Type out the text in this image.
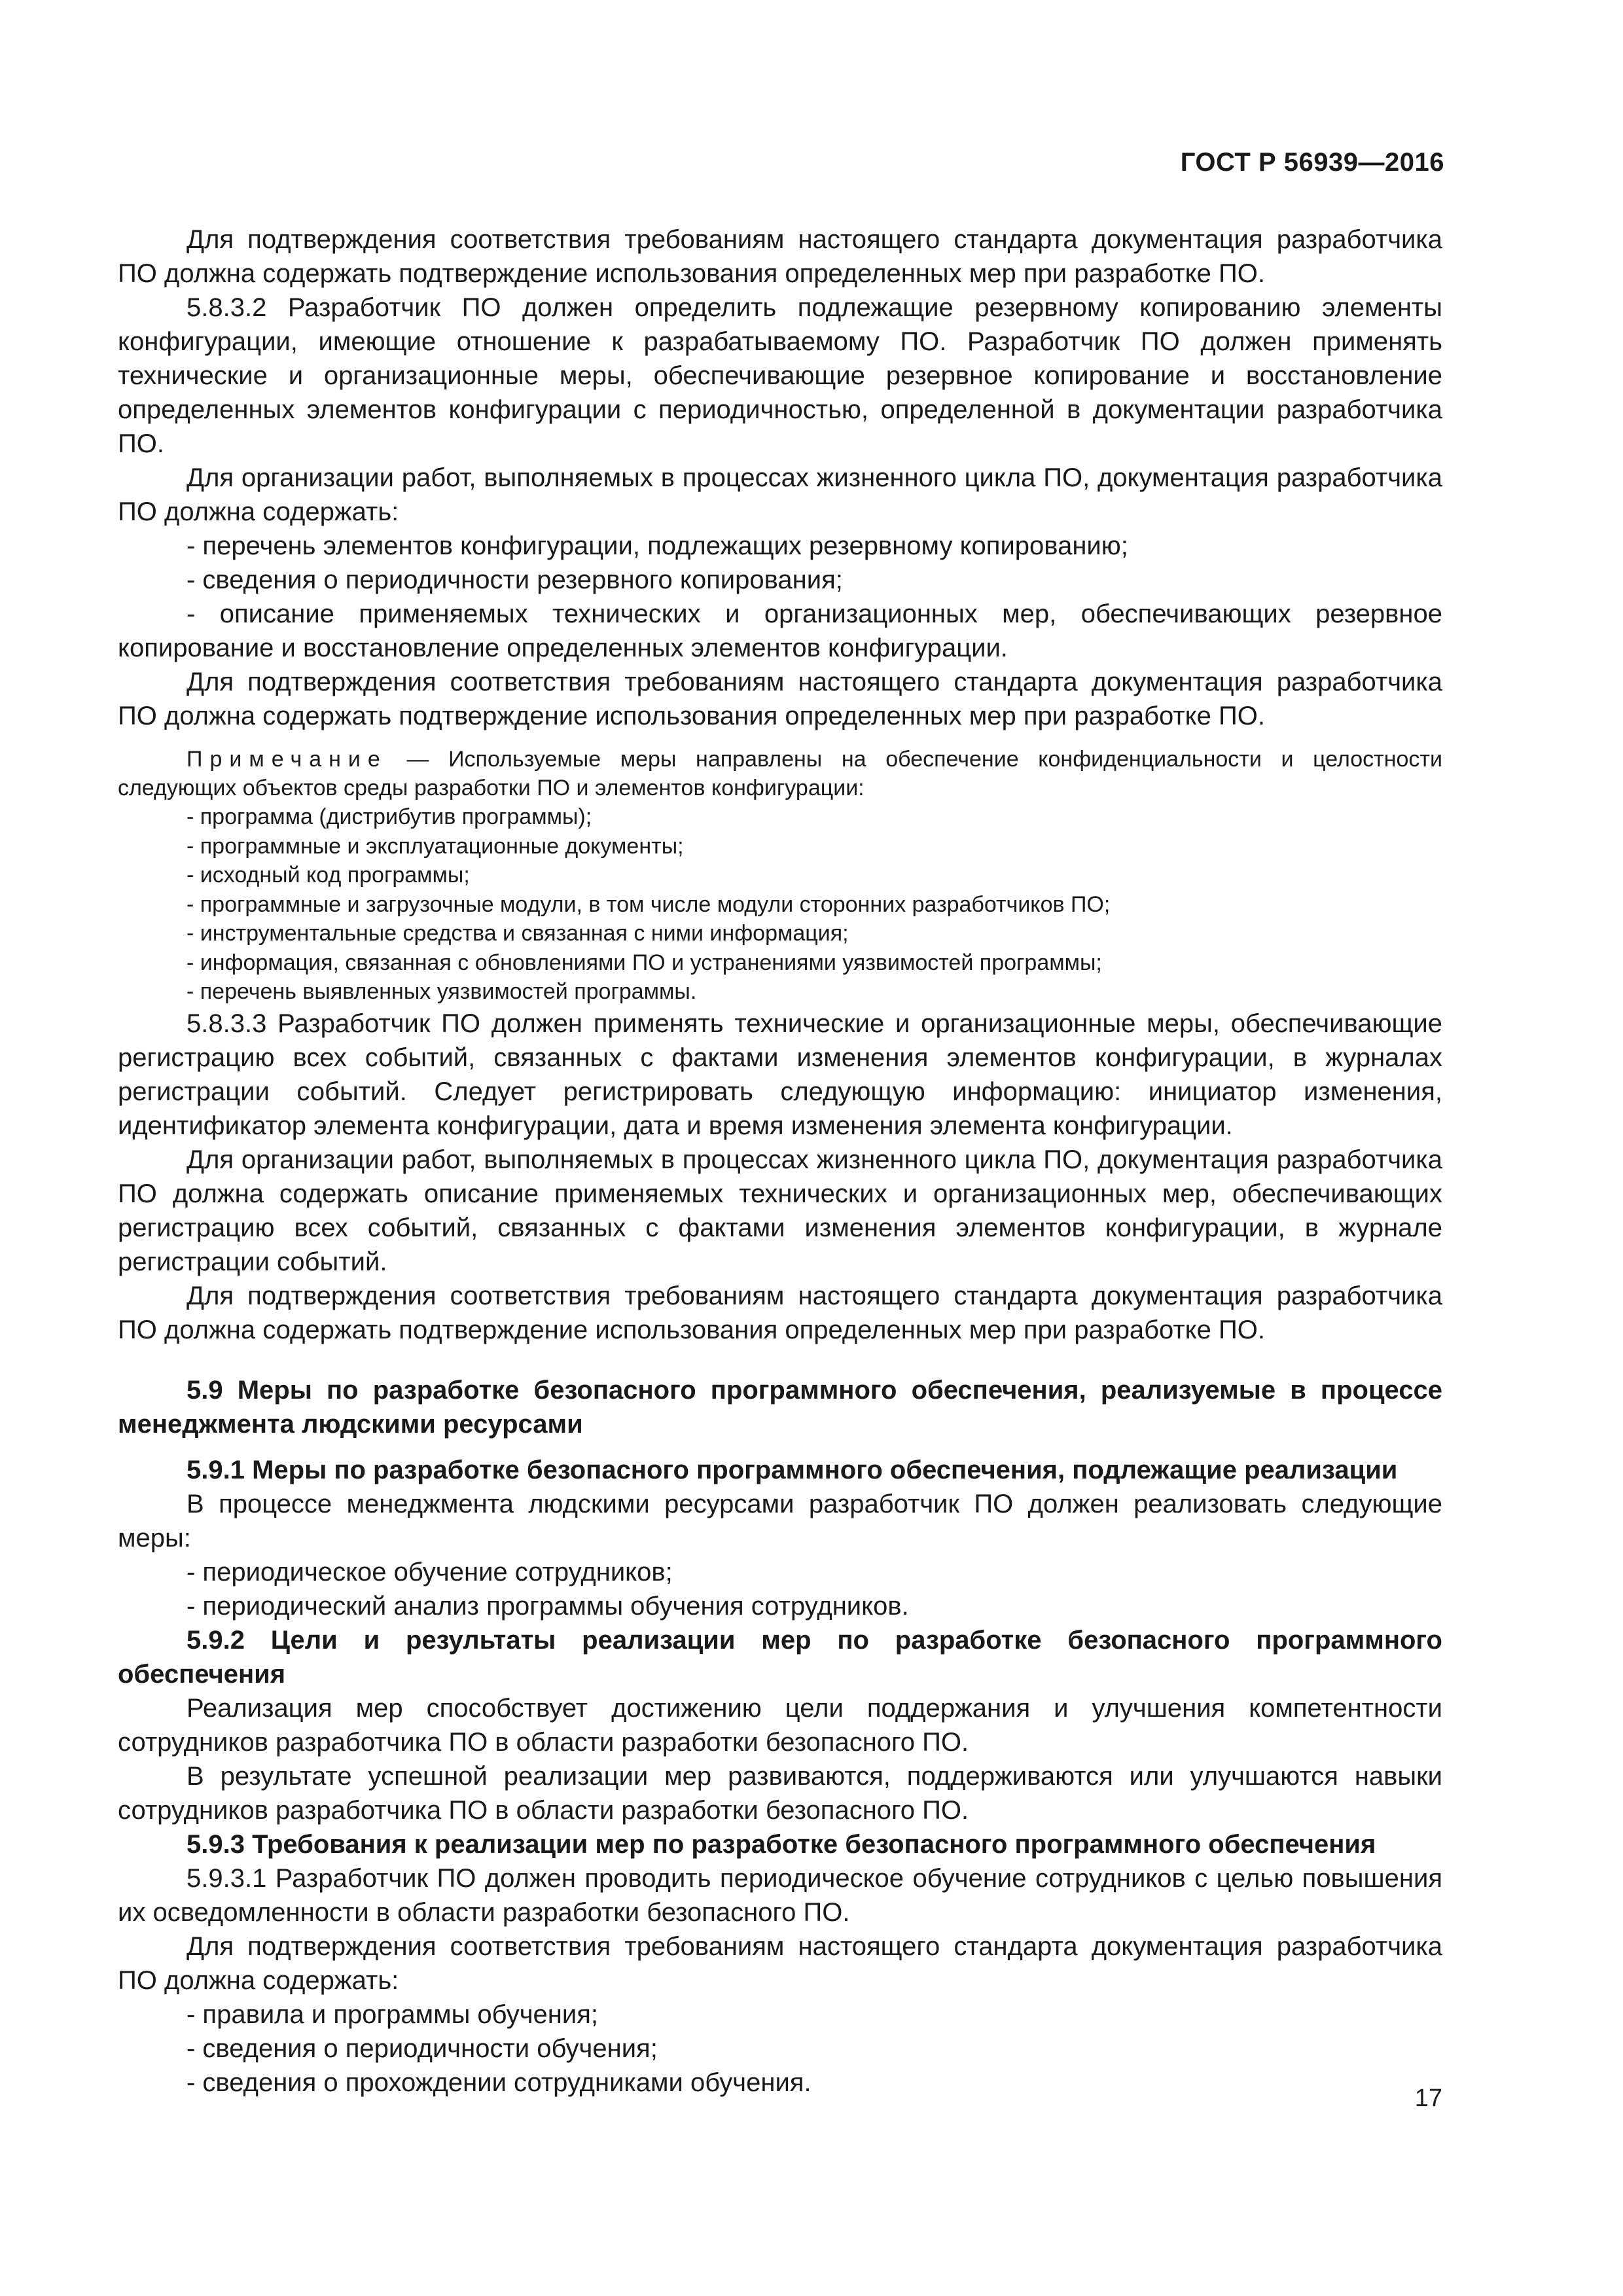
ГОСТ Р 56939—2016

Для подтверждения соответствия требованиям настоящего стандарта документация разработчика ПО должна содержать подтверждение использования определенных мер при разработке ПО.

5.8.3.2 Разработчик ПО должен определить подлежащие резервному копированию элементы конфигурации, имеющие отношение к разрабатываемому ПО. Разработчик ПО должен применять технические и организационные меры, обеспечивающие резервное копирование и восстановление определенных элементов конфигурации с периодичностью, определенной в документации разработчика ПО.

Для организации работ, выполняемых в процессах жизненного цикла ПО, документация разработчика ПО должна содержать:

- перечень элементов конфигурации, подлежащих резервному копированию;

- сведения о периодичности резервного копирования;

- описание применяемых технических и организационных мер, обеспечивающих резервное копирование и восстановление определенных элементов конфигурации.

Для подтверждения соответствия требованиям настоящего стандарта документация разработчика ПО должна содержать подтверждение использования определенных мер при разработке ПО.

Примечание — Используемые меры направлены на обеспечение конфиденциальности и целостности следующих объектов среды разработки ПО и элементов конфигурации:

- программа (дистрибутив программы);

- программные и эксплуатационные документы;

- исходный код программы;

- программные и загрузочные модули, в том числе модули сторонних разработчиков ПО;

- инструментальные средства и связанная с ними информация;

- информация, связанная с обновлениями ПО и устранениями уязвимостей программы;

- перечень выявленных уязвимостей программы.

5.8.3.3 Разработчик ПО должен применять технические и организационные меры, обеспечивающие регистрацию всех событий, связанных с фактами изменения элементов конфигурации, в журналах регистрации событий. Следует регистрировать следующую информацию: инициатор изменения, идентификатор элемента конфигурации, дата и время изменения элемента конфигурации.

Для организации работ, выполняемых в процессах жизненного цикла ПО, документация разработчика ПО должна содержать описание применяемых технических и организационных мер, обеспечивающих регистрацию всех событий, связанных с фактами изменения элементов конфигурации, в журнале регистрации событий.

Для подтверждения соответствия требованиям настоящего стандарта документация разработчика ПО должна содержать подтверждение использования определенных мер при разработке ПО.

5.9 Меры по разработке безопасного программного обеспечения, реализуемые в процессе менеджмента людскими ресурсами
5.9.1 Меры по разработке безопасного программного обеспечения, подлежащие реализации

В процессе менеджмента людскими ресурсами разработчик ПО должен реализовать следующие меры:

- периодическое обучение сотрудников;

- периодический анализ программы обучения сотрудников.

5.9.2 Цели и результаты реализации мер по разработке безопасного программного обеспечения

Реализация мер способствует достижению цели поддержания и улучшения компетентности сотрудников разработчика ПО в области разработки безопасного ПО.

В результате успешной реализации мер развиваются, поддерживаются или улучшаются навыки сотрудников разработчика ПО в области разработки безопасного ПО.

5.9.3 Требования к реализации мер по разработке безопасного программного обеспечения

5.9.3.1 Разработчик ПО должен проводить периодическое обучение сотрудников с целью повышения их осведомленности в области разработки безопасного ПО.

Для подтверждения соответствия требованиям настоящего стандарта документация разработчика ПО должна содержать:

- правила и программы обучения;

- сведения о периодичности обучения;

- сведения о прохождении сотрудниками обучения.

17
